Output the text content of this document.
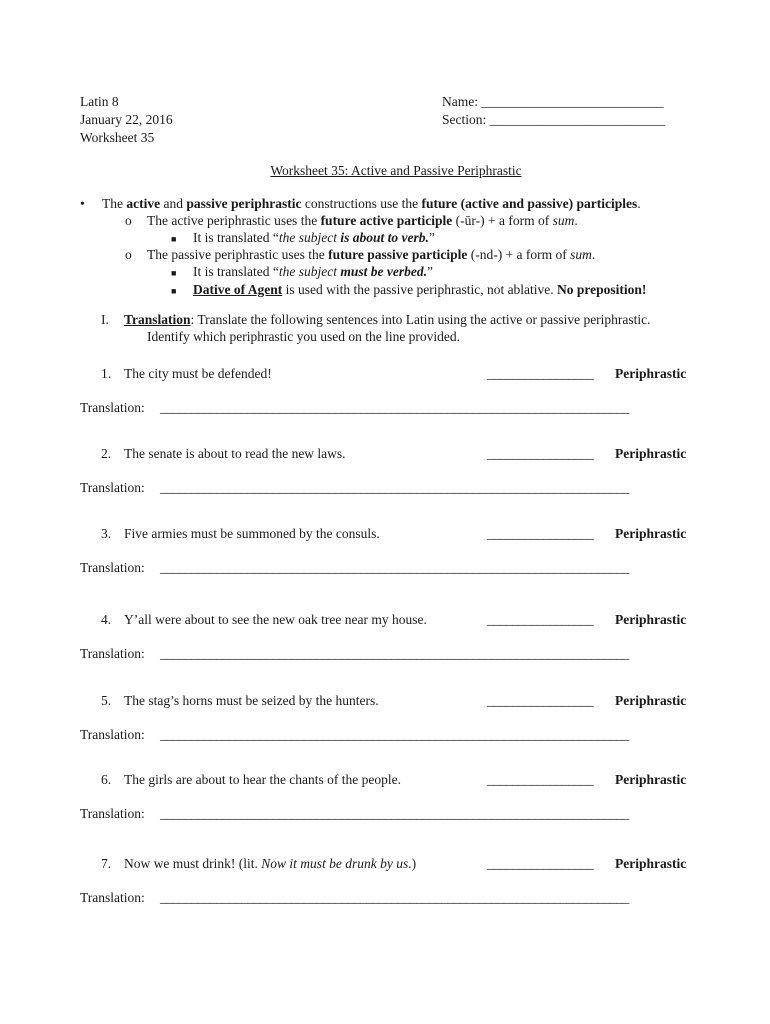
Latin 8
January 22, 2016
Worksheet 35
Name: ___________________________
Section: __________________________
Worksheet 35: Active and Passive Periphrastic
• The active and passive periphrastic constructions use the future (active and passive) participles.
o The active periphrastic uses the future active participle (-ūr-) + a form of sum.
■ It is translated “the subject is about to verb.”
o The passive periphrastic uses the future passive participle (-nd-) + a form of sum.
■ It is translated “the subject must be verbed.”
■ Dative of Agent is used with the passive periphrastic, not ablative. No preposition!
I. Translation: Translate the following sentences into Latin using the active or passive periphrastic.
Identify which periphrastic you used on the line provided.
1. The city must be defended!	_________________ Periphrastic
Translation: ___________________________________________________________________________
2. The senate is about to read the new laws.	_________________ Periphrastic
Translation: ___________________________________________________________________________
3. Five armies must be summoned by the consuls.	_________________ Periphrastic
Translation: ___________________________________________________________________________
4. Y’all were about to see the new oak tree near my house.	_________________ Periphrastic
Translation: ___________________________________________________________________________
5. The stag’s horns must be seized by the hunters.	_________________ Periphrastic
Translation: ___________________________________________________________________________
6. The girls are about to hear the chants of the people.	_________________ Periphrastic
Translation: ___________________________________________________________________________
7. Now we must drink! (lit. Now it must be drunk by us.)	_________________ Periphrastic
Translation: ___________________________________________________________________________
